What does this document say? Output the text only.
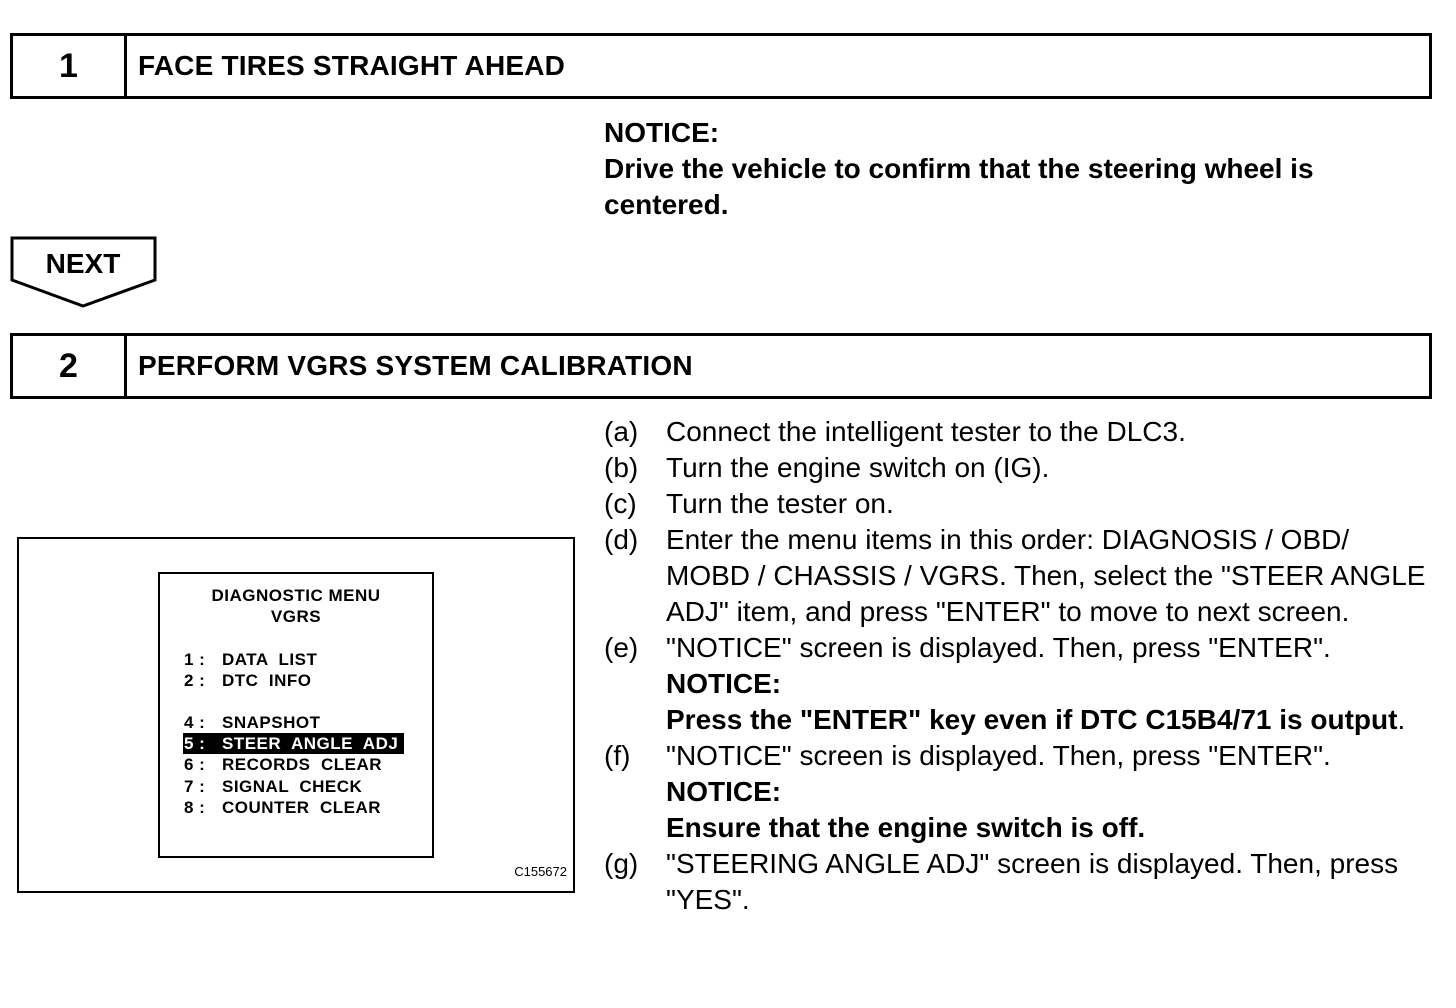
1	FACE TIRES STRAIGHT AHEAD
NOTICE:
Drive the vehicle to confirm that the steering wheel is centered.
NEXT
2	PERFORM VGRS SYSTEM CALIBRATION
DIAGNOSTIC MENU
VGRS
1 : DATA  LIST
2 : DTC  INFO
4 : SNAPSHOT
5 : STEER  ANGLE  ADJ
6 : RECORDS  CLEAR
7 : SIGNAL  CHECK
8 : COUNTER  CLEAR
C155672
(a) Connect the intelligent tester to the DLC3.
(b) Turn the engine switch on (IG).
(c)	Turn the tester on.
(d) Enter the menu items in this order: DIAGNOSIS / OBD/ MOBD / CHASSIS / VGRS. Then, select the "STEER ANGLE ADJ" item, and press "ENTER" to move to next screen.
(e) "NOTICE" screen is displayed. Then, press "ENTER".
NOTICE:
Press the "ENTER" key even if DTC C15B4/71 is output.
(f)	"NOTICE" screen is displayed. Then, press "ENTER".
NOTICE:
Ensure that the engine switch is off.
(g) "STEERING ANGLE ADJ" screen is displayed. Then, press "YES".
